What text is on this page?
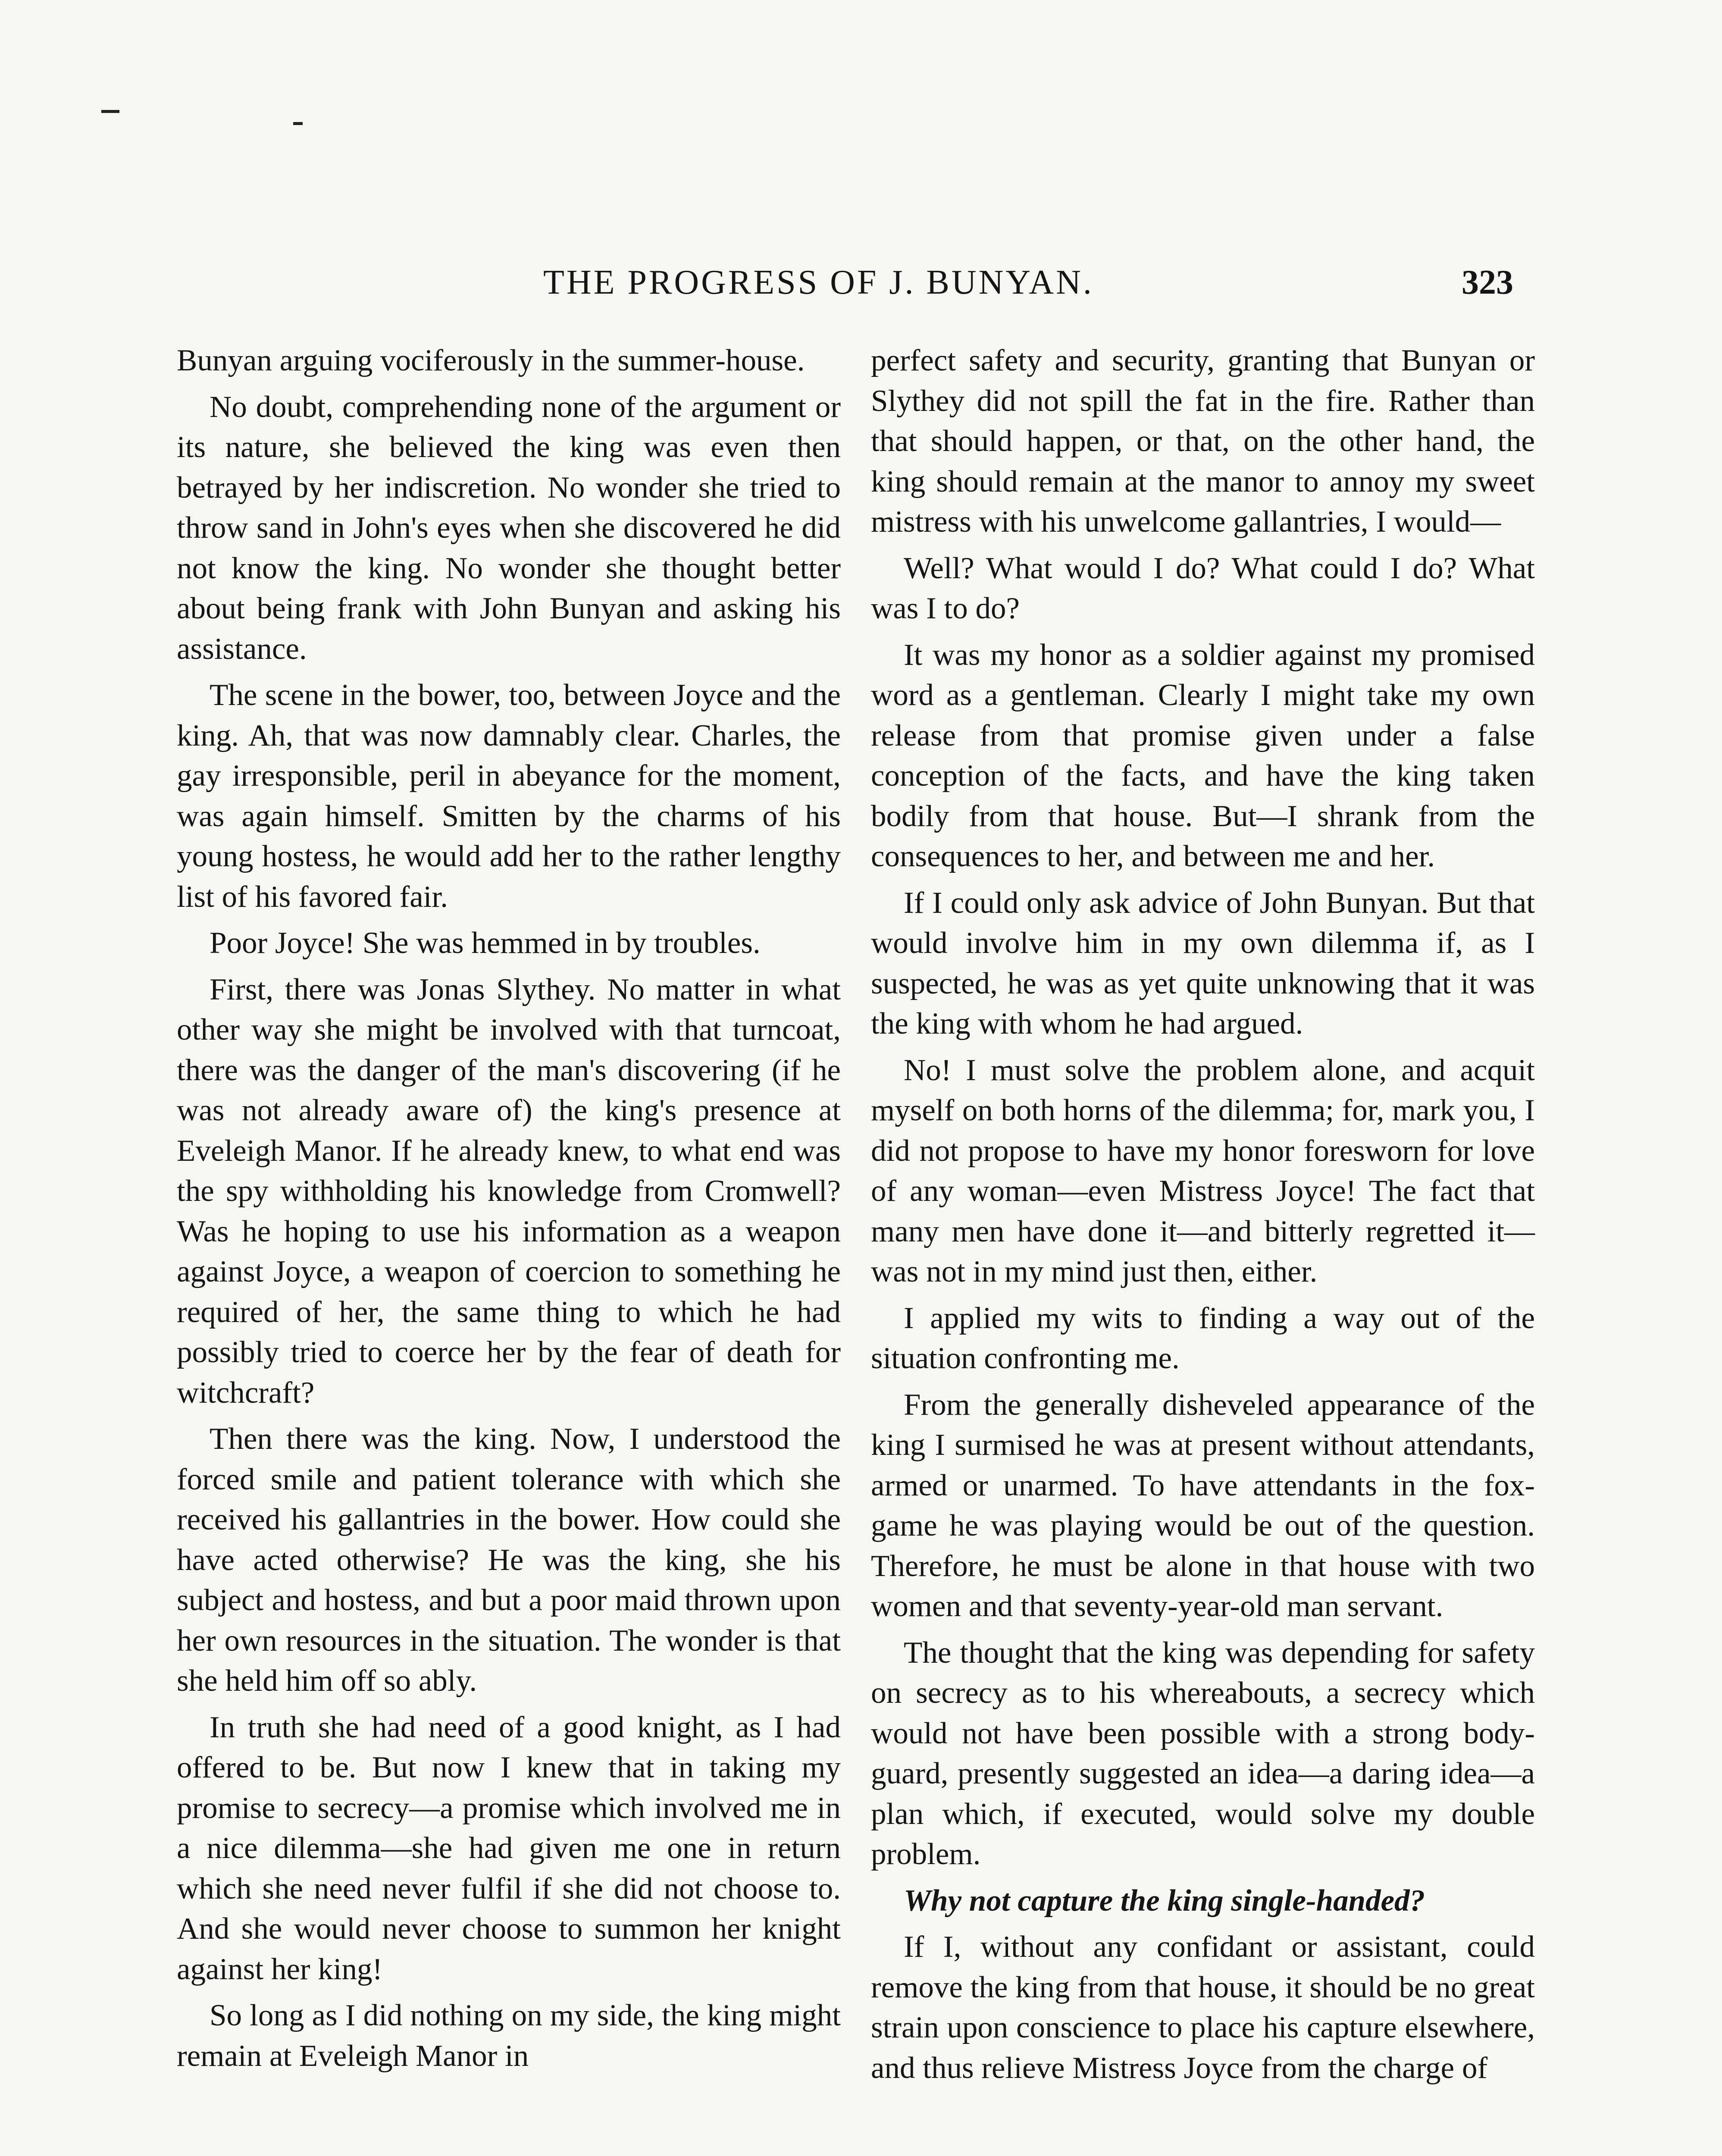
THE PROGRESS OF J. BUNYAN.	323

Bunyan arguing vociferously in the summer-house.

No doubt, comprehending none of the argument or its nature, she believed the king was even then betrayed by her indiscretion. No wonder she tried to throw sand in John's eyes when she discovered he did not know the king. No wonder she thought better about being frank with John Bunyan and asking his assistance.

The scene in the bower, too, between Joyce and the king. Ah, that was now damnably clear. Charles, the gay irresponsible, peril in abeyance for the moment, was again himself. Smitten by the charms of his young hostess, he would add her to the rather lengthy list of his favored fair.

Poor Joyce! She was hemmed in by troubles.

First, there was Jonas Slythey. No matter in what other way she might be involved with that turncoat, there was the danger of the man's discovering (if he was not already aware of) the king's presence at Eveleigh Manor. If he already knew, to what end was the spy withholding his knowledge from Cromwell? Was he hoping to use his information as a weapon against Joyce, a weapon of coercion to something he required of her, the same thing to which he had possibly tried to coerce her by the fear of death for witchcraft?

Then there was the king. Now, I understood the forced smile and patient tolerance with which she received his gallantries in the bower. How could she have acted otherwise? He was the king, she his subject and hostess, and but a poor maid thrown upon her own resources in the situation. The wonder is that she held him off so ably.

In truth she had need of a good knight, as I had offered to be. But now I knew that in taking my promise to secrecy—a promise which involved me in a nice dilemma—she had given me one in return which she need never fulfil if she did not choose to. And she would never choose to summon her knight against her king!

So long as I did nothing on my side, the king might remain at Eveleigh Manor in

perfect safety and security, granting that Bunyan or Slythey did not spill the fat in the fire. Rather than that should happen, or that, on the other hand, the king should remain at the manor to annoy my sweet mistress with his unwelcome gallantries, I would—

Well? What would I do? What could I do? What was I to do?

It was my honor as a soldier against my promised word as a gentleman. Clearly I might take my own release from that promise given under a false conception of the facts, and have the king taken bodily from that house. But—I shrank from the consequences to her, and between me and her.

If I could only ask advice of John Bunyan. But that would involve him in my own dilemma if, as I suspected, he was as yet quite unknowing that it was the king with whom he had argued.

No! I must solve the problem alone, and acquit myself on both horns of the dilemma; for, mark you, I did not propose to have my honor foresworn for love of any woman—even Mistress Joyce! The fact that many men have done it—and bitterly regretted it—was not in my mind just then, either.

I applied my wits to finding a way out of the situation confronting me.

From the generally disheveled appearance of the king I surmised he was at present without attendants, armed or unarmed. To have attendants in the fox-game he was playing would be out of the question. Therefore, he must be alone in that house with two women and that seventy-year-old man servant.

The thought that the king was depending for safety on secrecy as to his whereabouts, a secrecy which would not have been possible with a strong body-guard, presently suggested an idea—a daring idea—a plan which, if executed, would solve my double problem.

Why not capture the king single-handed?

If I, without any confidant or assistant, could remove the king from that house, it should be no great strain upon conscience to place his capture elsewhere, and thus relieve Mistress Joyce from the charge of
